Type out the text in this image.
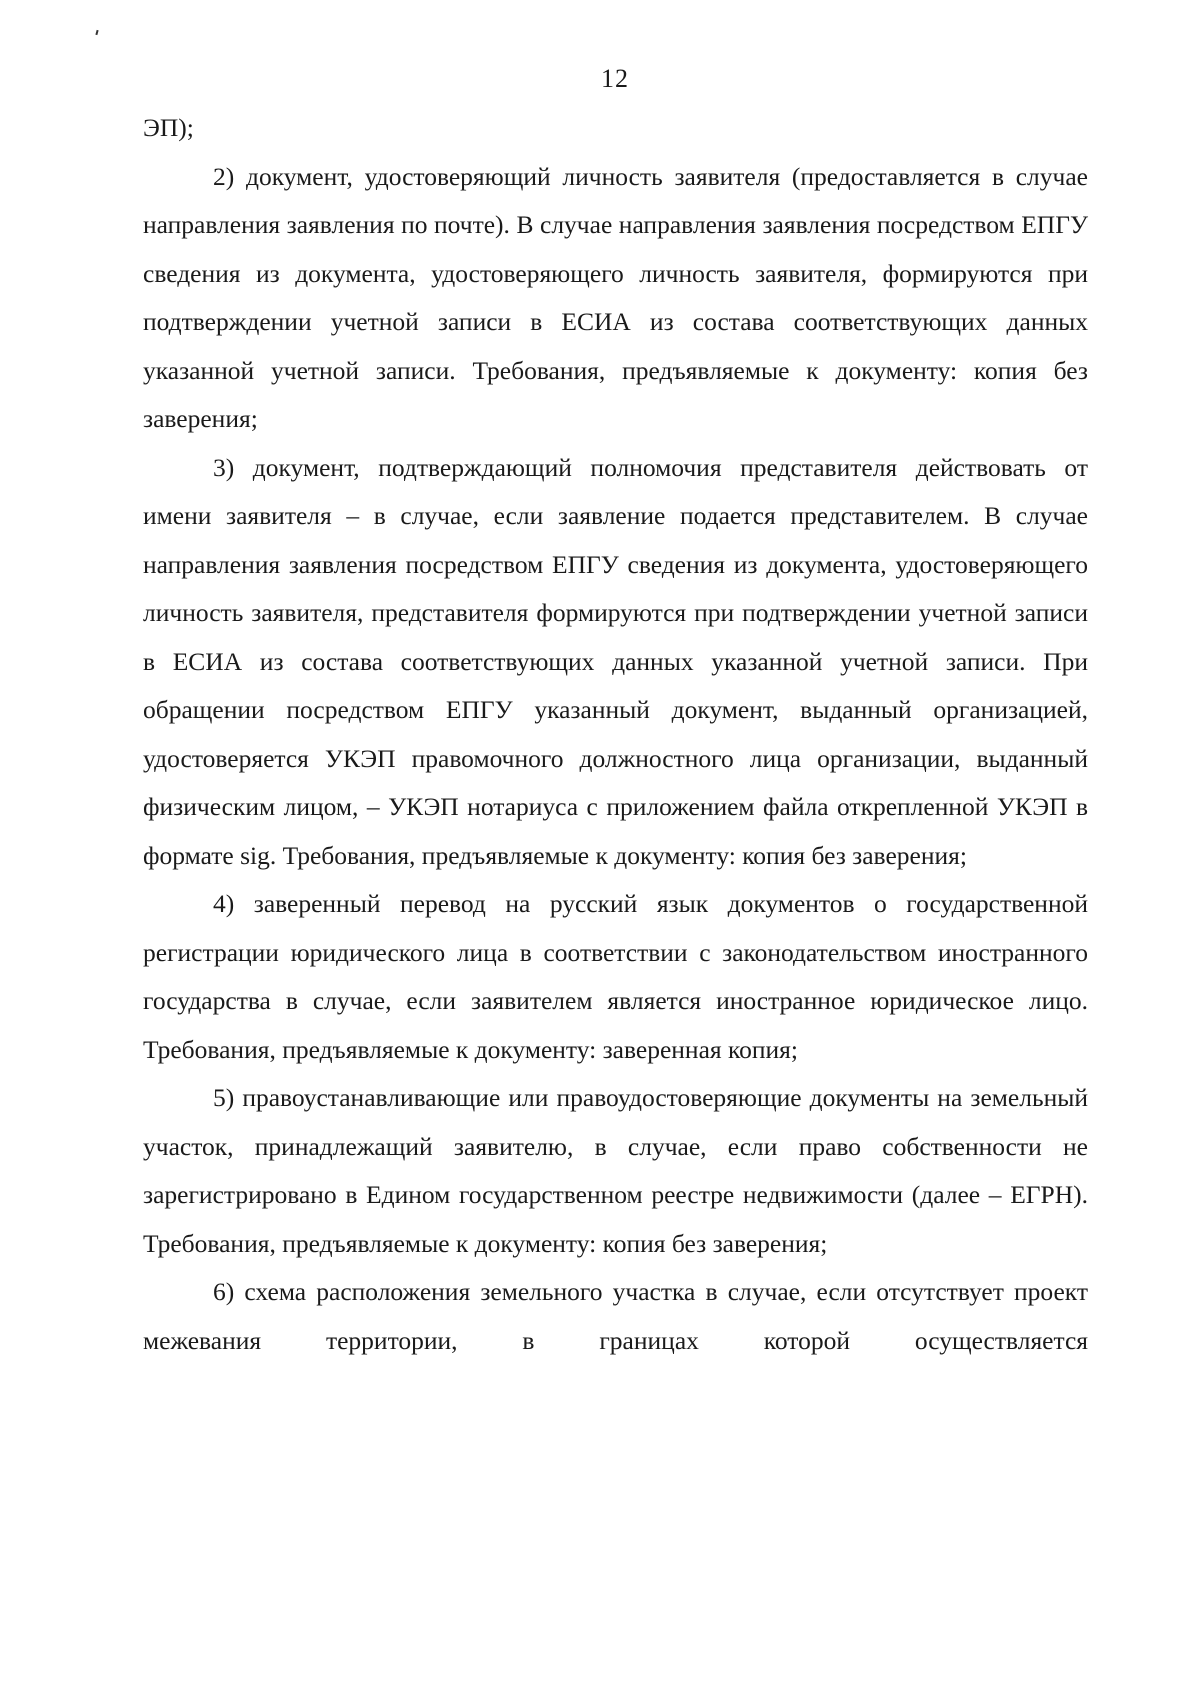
12

ЭП);

2) документ, удостоверяющий личность заявителя (предоставляется в случае направления заявления по почте). В случае направления заявления посредством ЕПГУ сведения из документа, удостоверяющего личность заявителя, формируются при подтверждении учетной записи в ЕСИА из состава соответствующих данных указанной учетной записи. Требования, предъявляемые к документу: копия без заверения;

3) документ, подтверждающий полномочия представителя действовать от имени заявителя – в случае, если заявление подается представителем. В случае направления заявления посредством ЕПГУ сведения из документа, удостоверяющего личность заявителя, представителя формируются при подтверждении учетной записи в ЕСИА из состава соответствующих данных указанной учетной записи. При обращении посредством ЕПГУ указанный документ, выданный организацией, удостоверяется УКЭП правомочного должностного лица организации, выданный физическим лицом, – УКЭП нотариуса с приложением файла открепленной УКЭП в формате sig. Требования, предъявляемые к документу: копия без заверения;

4) заверенный перевод на русский язык документов о государственной регистрации юридического лица в соответствии с законодательством иностранного государства в случае, если заявителем является иностранное юридическое лицо. Требования, предъявляемые к документу: заверенная копия;

5) правоустанавливающие или правоудостоверяющие документы на земельный участок, принадлежащий заявителю, в случае, если право собственности не зарегистрировано в Едином государственном реестре недвижимости (далее – ЕГРН). Требования, предъявляемые к документу: копия без заверения;

6) схема расположения земельного участка в случае, если отсутствует проект межевания территории, в границах которой осуществляется
